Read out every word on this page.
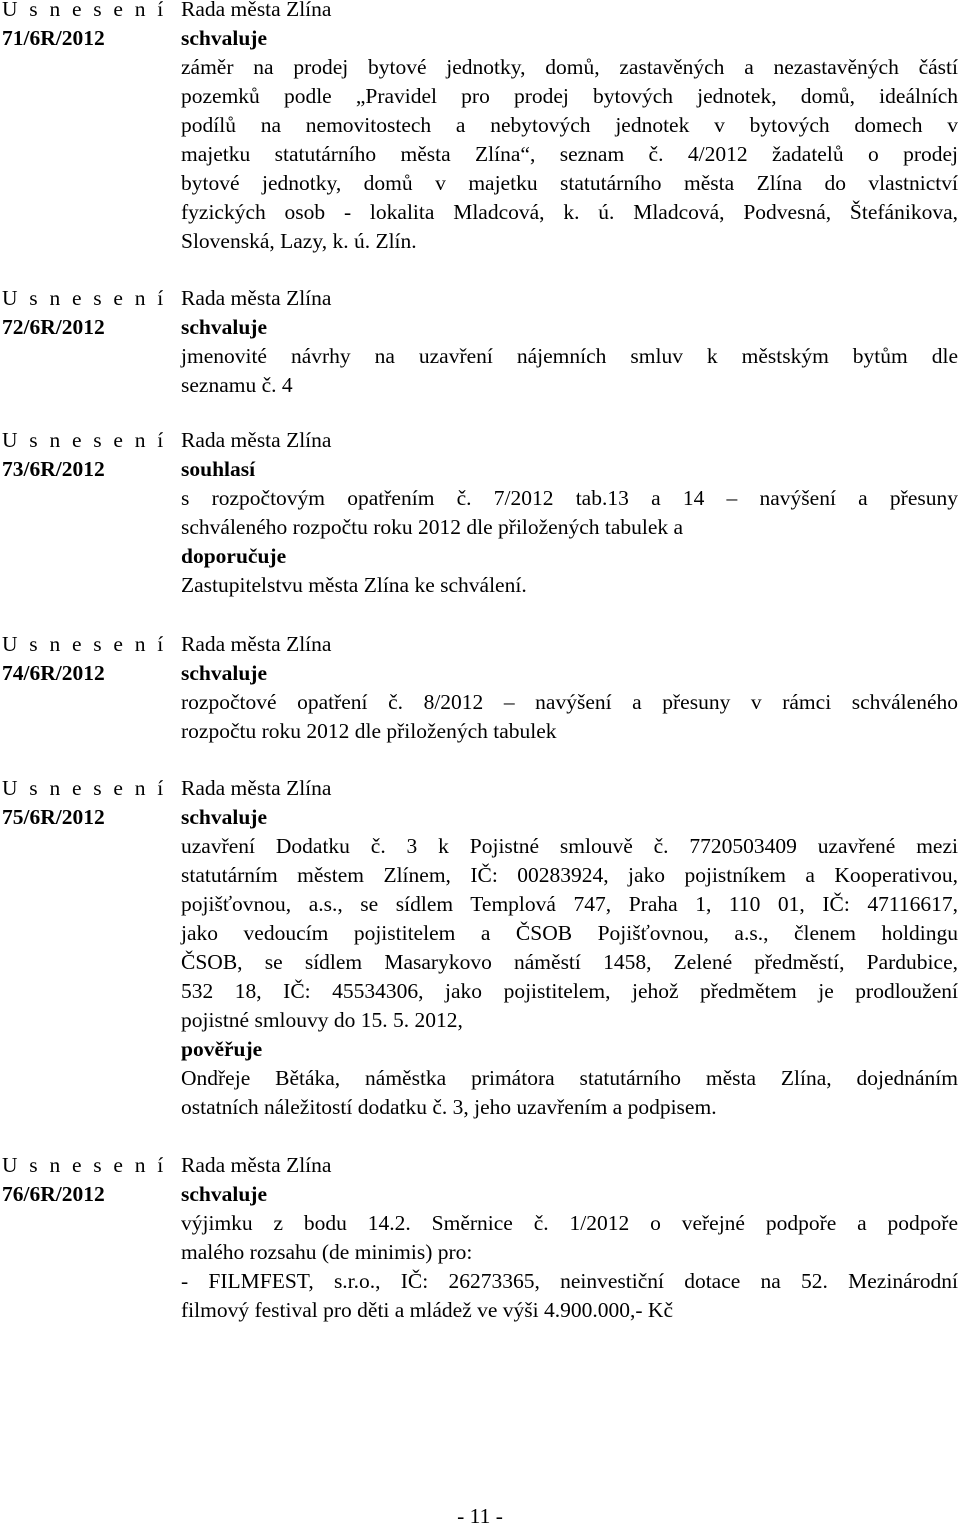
U s n e s e n í
71/6R/2012
Rada města Zlína
schvaluje
záměr na prodej bytové jednotky, domů, zastavěných a nezastavěných částí
pozemků podle „Pravidel pro prodej bytových jednotek, domů, ideálních
podílů na nemovitostech a nebytových jednotek v bytových domech v
majetku statutárního města Zlína“, seznam č. 4/2012 žadatelů o prodej
bytové jednotky, domů v majetku statutárního města Zlína do vlastnictví
fyzických osob - lokalita Mladcová, k. ú. Mladcová, Podvesná, Štefánikova,
Slovenská, Lazy, k. ú. Zlín.
U s n e s e n í
72/6R/2012
Rada města Zlína
schvaluje
jmenovité návrhy na uzavření nájemních smluv k městským bytům dle
seznamu č. 4
U s n e s e n í
73/6R/2012
Rada města Zlína
souhlasí
s rozpočtovým opatřením č. 7/2012 tab.13 a 14 – navýšení a přesuny
schváleného rozpočtu roku 2012 dle přiložených tabulek a
doporučuje
Zastupitelstvu města Zlína ke schválení.
U s n e s e n í
74/6R/2012
Rada města Zlína
schvaluje
rozpočtové opatření č. 8/2012 – navýšení a přesuny v rámci schváleného
rozpočtu roku 2012 dle přiložených tabulek
U s n e s e n í
75/6R/2012
Rada města Zlína
schvaluje
uzavření Dodatku č. 3 k Pojistné smlouvě č. 7720503409 uzavřené mezi
statutárním městem Zlínem, IČ: 00283924, jako pojistníkem a Kooperativou,
pojišťovnou, a.s., se sídlem Templová 747, Praha 1, 110 01, IČ: 47116617,
jako vedoucím pojistitelem a ČSOB Pojišťovnou, a.s., členem holdingu
ČSOB, se sídlem Masarykovo náměstí 1458, Zelené předměstí, Pardubice,
532 18, IČ: 45534306, jako pojistitelem, jehož předmětem je prodloužení
pojistné smlouvy do 15. 5. 2012,
pověřuje
Ondřeje Bětáka, náměstka primátora statutárního města Zlína, dojednáním
ostatních náležitostí dodatku č. 3, jeho uzavřením a podpisem.
U s n e s e n í
76/6R/2012
Rada města Zlína
schvaluje
výjimku z bodu 14.2. Směrnice č. 1/2012 o veřejné podpoře a podpoře
malého rozsahu (de minimis) pro:
- FILMFEST, s.r.o., IČ: 26273365, neinvestiční dotace na 52. Mezinárodní
filmový festival pro děti a mládež ve výši 4.900.000,- Kč
- 11 -
